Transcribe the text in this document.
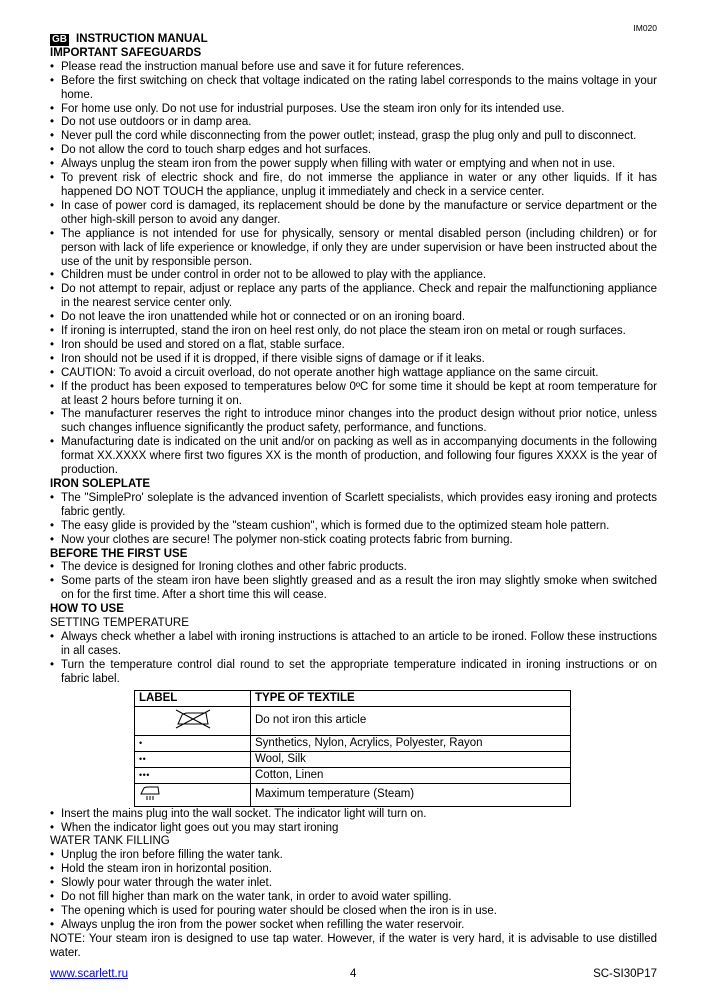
IM020
GB INSTRUCTION MANUAL
IMPORTANT SAFEGUARDS
• Please read the instruction manual before use and save it for future references.
• Before the first switching on check that voltage indicated on the rating label corresponds to the mains voltage in your home.
• For home use only. Do not use for industrial purposes. Use the steam iron only for its intended use.
• Do not use outdoors or in damp area.
• Never pull the cord while disconnecting from the power outlet; instead, grasp the plug only and pull to disconnect.
• Do not allow the cord to touch sharp edges and hot surfaces.
• Always unplug the steam iron from the power supply when filling with water or emptying and when not in use.
• To prevent risk of electric shock and fire, do not immerse the appliance in water or any other liquids. If it has happened DO NOT TOUCH the appliance, unplug it immediately and check in a service center.
• In case of power cord is damaged, its replacement should be done by the manufacture or service department or the other high-skill person to avoid any danger.
• The appliance is not intended for use for physically, sensory or mental disabled person (including children) or for person with lack of life experience or knowledge, if only they are under supervision or have been instructed about the use of the unit by responsible person.
• Children must be under control in order not to be allowed to play with the appliance.
• Do not attempt to repair, adjust or replace any parts of the appliance. Check and repair the malfunctioning appliance in the nearest service center only.
• Do not leave the iron unattended while hot or connected or on an ironing board.
• If ironing is interrupted, stand the iron on heel rest only, do not place the steam iron on metal or rough surfaces.
• Iron should be used and stored on a flat, stable surface.
• Iron should not be used if it is dropped, if there visible signs of damage or if it leaks.
• CAUTION: To avoid a circuit overload, do not operate another high wattage appliance on the same circuit.
• If the product has been exposed to temperatures below 0ºC for some time it should be kept at room temperature for at least 2 hours before turning it on.
• The manufacturer reserves the right to introduce minor changes into the product design without prior notice, unless such changes influence significantly the product safety, performance, and functions.
• Manufacturing date is indicated on the unit and/or on packing as well as in accompanying documents in the following format XX.XXXX where first two figures XX is the month of production, and following four figures XXXX is the year of production.
IRON SOLEPLATE
• The "SimplePro' soleplate is the advanced invention of Scarlett specialists, which provides easy ironing and protects fabric gently.
• The easy glide is provided by the "steam cushion", which is formed due to the optimized steam hole pattern.
• Now your clothes are secure! The polymer non-stick coating protects fabric from burning.
BEFORE THE FIRST USE
• The device is designed for Ironing clothes and other fabric products.
• Some parts of the steam iron have been slightly greased and as a result the iron may slightly smoke when switched on for the first time. After a short time this will cease.
HOW TO USE
SETTING TEMPERATURE
• Always check whether a label with ironing instructions is attached to an article to be ironed. Follow these instructions in all cases.
• Turn the temperature control dial round to set the appropriate temperature indicated in ironing instructions or on fabric label.
LABEL	TYPE OF TEXTILE
	Do not iron this article
•	Synthetics, Nylon, Acrylics, Polyester, Rayon
••	Wool, Silk
•••	Cotton, Linen
	Maximum temperature (Steam)
• Insert the mains plug into the wall socket. The indicator light will turn on.
• When the indicator light goes out you may start ironing
WATER TANK FILLING
• Unplug the iron before filling the water tank.
• Hold the steam iron in horizontal position.
• Slowly pour water through the water inlet.
• Do not fill higher than mark on the water tank, in order to avoid water spilling.
• The opening which is used for pouring water should be closed when the iron is in use.
• Always unplug the iron from the power socket when refilling the water reservoir.
NOTE: Your steam iron is designed to use tap water. However, if the water is very hard, it is advisable to use distilled water.
www.scarlett.ru	4	SC-SI30P17
